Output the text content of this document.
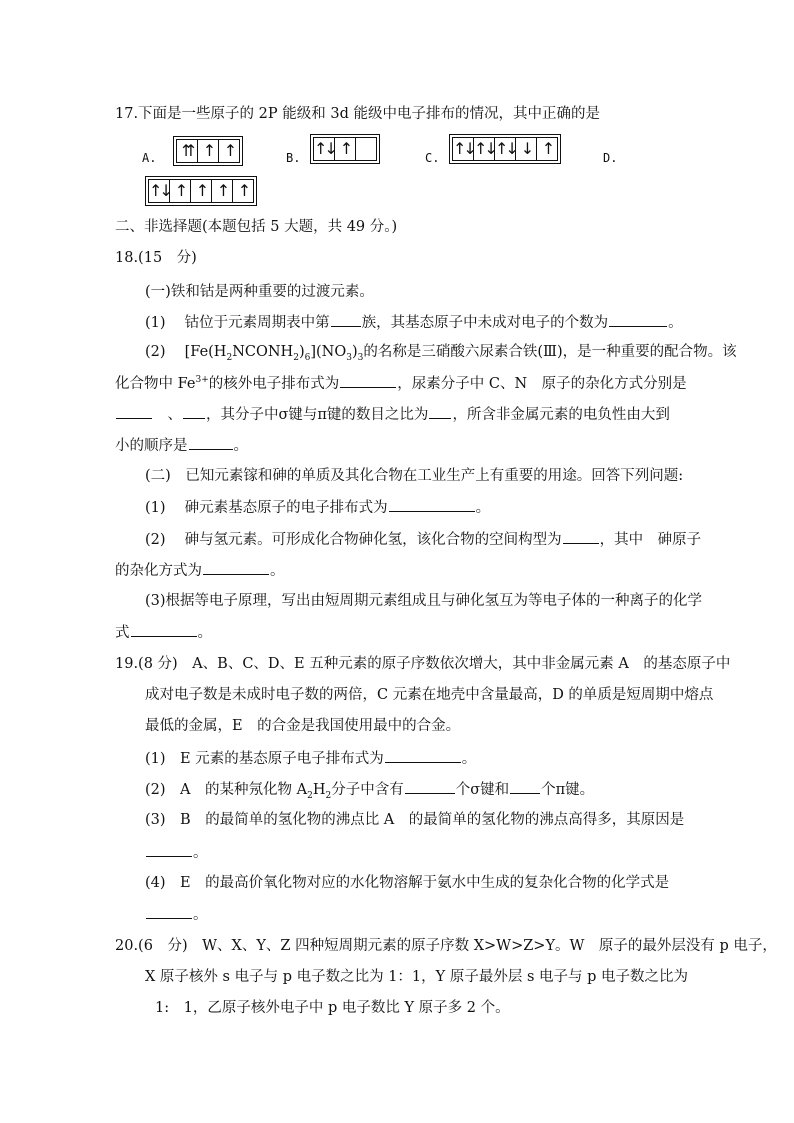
17.下面是一些原子的 2P 能级和 3d 能级中电子排布的情况，其中正确的是
A. ⇈ ↑ ↑	B. ↑↓ ↑	C. ↑↓ ↑↓ ↑↓ ↓ ↑	D.
↑↓ ↑ ↑ ↑ ↑
二、非选择题(本题包括 5 大题，共 49 分。)
18.(15　分)
(一)铁和钴是两种重要的过渡元素。
(1)　 钴位于元素周期表中第 族，其基态原子中未成对电子的个数为	。
(2)　 $[Fe(H_2NCONH_2)_6](NO_3)_3$的名称是三硝酸六尿素合铁(Ⅲ)，是一种重要的配合物。该
化合物中 $Fe^{3+}$的核外电子排布式为	，尿素分子中 C、N　原子的杂化方式分别是
　、 ，其分子中σ键与π键的数目之比为 ，所含非金属元素的电负性由大到
小的顺序是	。
(二)　已知元素镓和砷的单质及其化合物在工业生产上有重要的用途。回答下列问题:
(1)　 砷元素基态原子的电子排布式为	。
(2)　 砷与氢元素。可形成化合物砷化氢，该化合物的空间构型为	，其中　砷原子
的杂化方式为	。
(3)根据等电子原理，写出由短周期元素组成且与砷化氢互为等电子体的一种离子的化学
式	。
19.(8 分)　A、B、C、D、E 五种元素的原子序数依次增大，其中非金属元素 A　的基态原子中
成对电子数是未成时电子数的两倍，C 元素在地壳中含量最高，D 的单质是短周期中熔点
最低的金属，E　的合金是我国使用最中的合金。
(1)　E 元素的基态原子电子排布式为	。
(2)　A　的某种氖化物 $A_2H_2$分子中含有	个σ键和 个π键。
(3)　B　的最简单的氢化物的沸点比 A　的最简单的氢化物的沸点高得多，其原因是
。
(4)　E　的最高价氧化物对应的水化物溶解于氨水中生成的复杂化合物的化学式是
。
20.(6　分)　W、X、Y、Z 四种短周期元素的原子序数 X>W>Z>Y。W　原子的最外层没有 p 电子，
X 原子核外 s 电子与 p 电子数之比为 1：1，Y 原子最外层 s 电子与 p 电子数之比为
1:　1，乙原子核外电子中 p 电子数比 Y 原子多 2 个。
